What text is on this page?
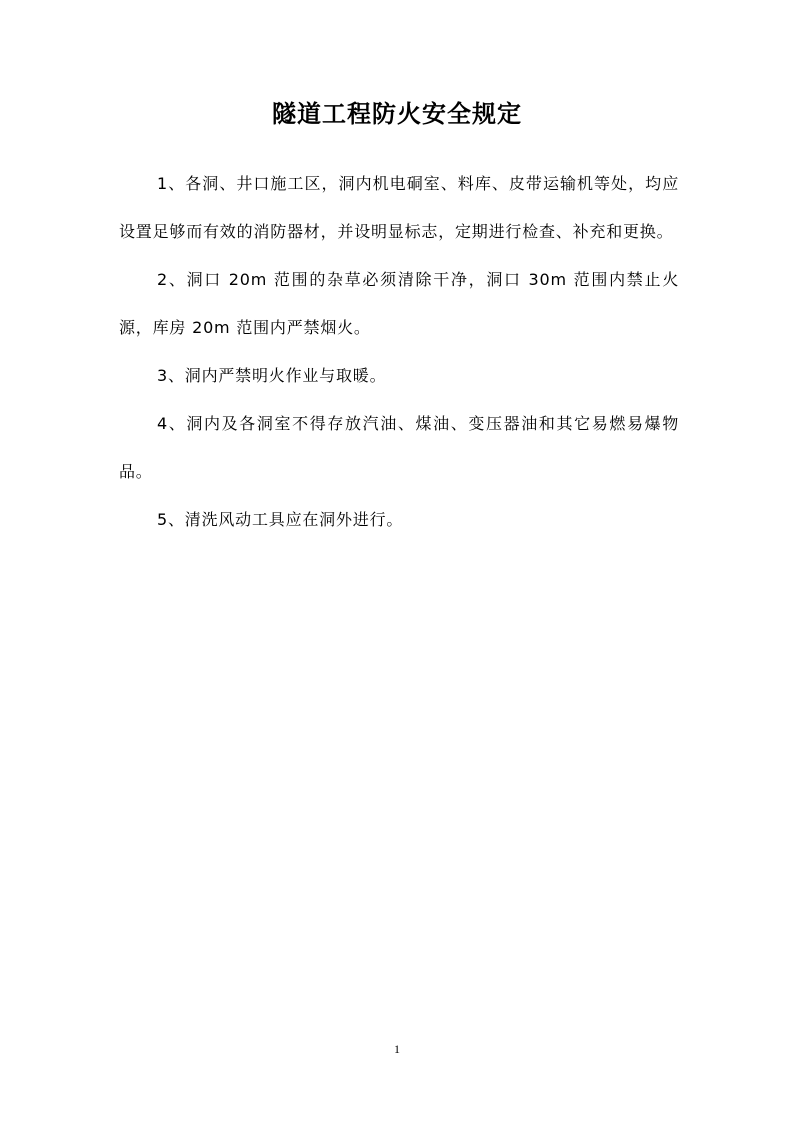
隧道工程防火安全规定

1、各洞、井口施工区，洞内机电硐室、料库、皮带运输机等处，均应设置足够而有效的消防器材，并设明显标志，定期进行检查、补充和更换。

2、洞口 20m 范围的杂草必须清除干净，洞口 30m 范围内禁止火源，库房 20m 范围内严禁烟火。

3、洞内严禁明火作业与取暖。

4、洞内及各洞室不得存放汽油、煤油、变压器油和其它易燃易爆物品。

5、清洗风动工具应在洞外进行。

1
